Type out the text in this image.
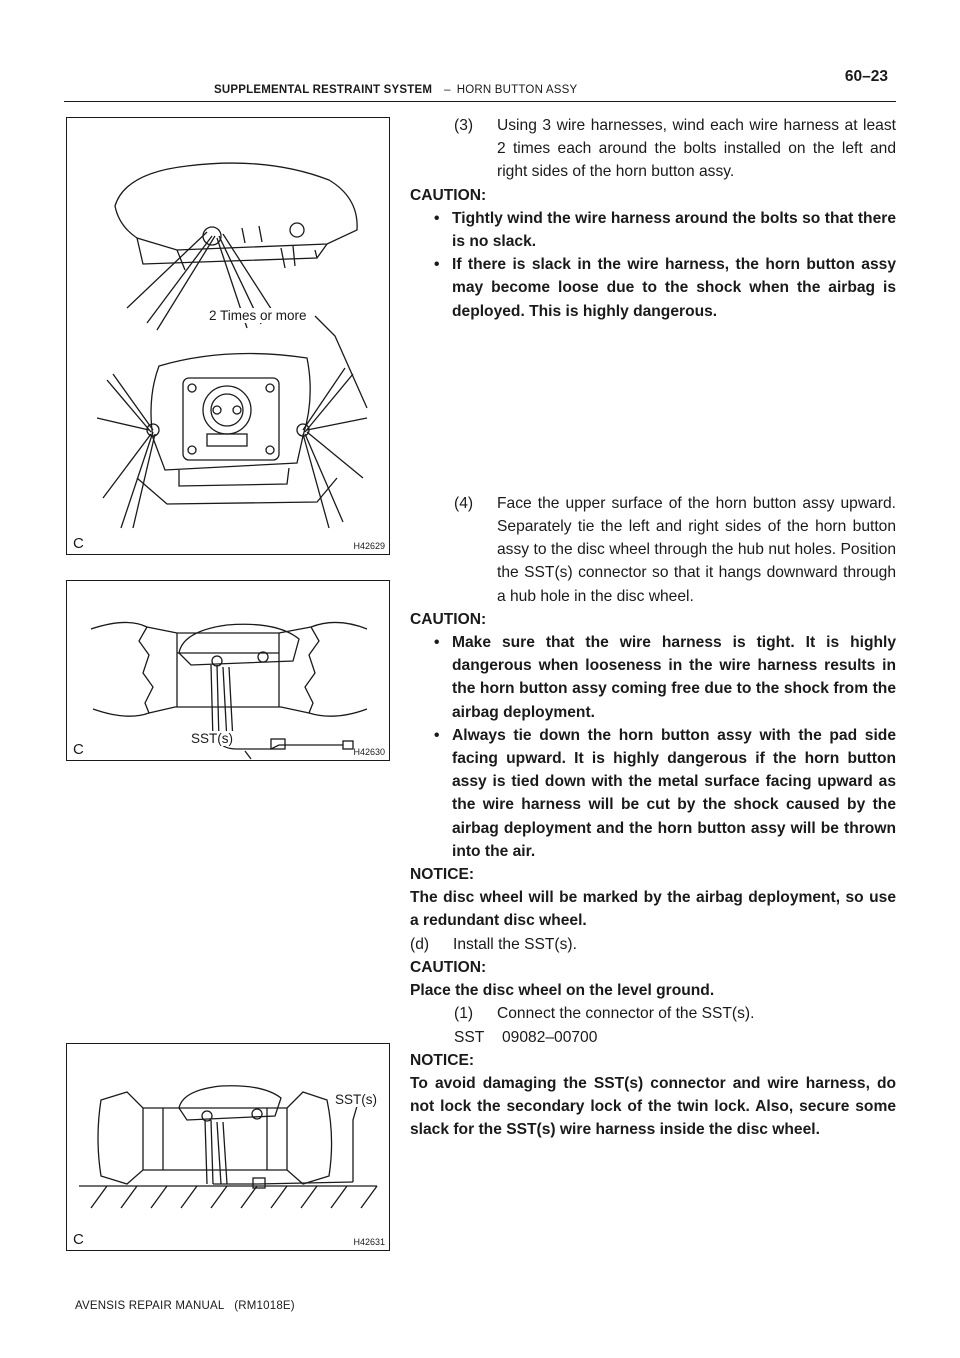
SUPPLEMENTAL RESTRAINT SYSTEM – HORN BUTTON ASSY
60–23
2 Times or more
C	H42629
SST(s)
C	H42630
SST(s)
C	H42631

(3) Using 3 wire harnesses, wind each wire harness at least 2 times each around the bolts installed on the left and right sides of the horn button assy.

CAUTION:

• Tightly wind the wire harness around the bolts so that there is no slack.

• If there is slack in the wire harness, the horn button assy may become loose due to the shock when the airbag is deployed. This is highly dangerous.

(4) Face the upper surface of the horn button assy upward. Separately tie the left and right sides of the horn button assy to the disc wheel through the hub nut holes. Position the SST(s) connector so that it hangs downward through a hub hole in the disc wheel.

CAUTION:

• Make sure that the wire harness is tight. It is highly dangerous when looseness in the wire harness results in the horn button assy coming free due to the shock from the airbag deployment.

• Always tie down the horn button assy with the pad side facing upward. It is highly dangerous if the horn button assy is tied down with the metal surface facing upward as the wire harness will be cut by the shock caused by the airbag deployment and the horn button assy will be thrown into the air.

NOTICE:

The disc wheel will be marked by the airbag deployment, so use a redundant disc wheel.

(d) Install the SST(s).

CAUTION:

Place the disc wheel on the level ground.

(1) Connect the connector of the SST(s).

SST 09082–00700

NOTICE:

To avoid damaging the SST(s) connector and wire harness, do not lock the secondary lock of the twin lock. Also, secure some slack for the SST(s) wire harness inside the disc wheel.

AVENSIS REPAIR MANUAL   (RM1018E)
